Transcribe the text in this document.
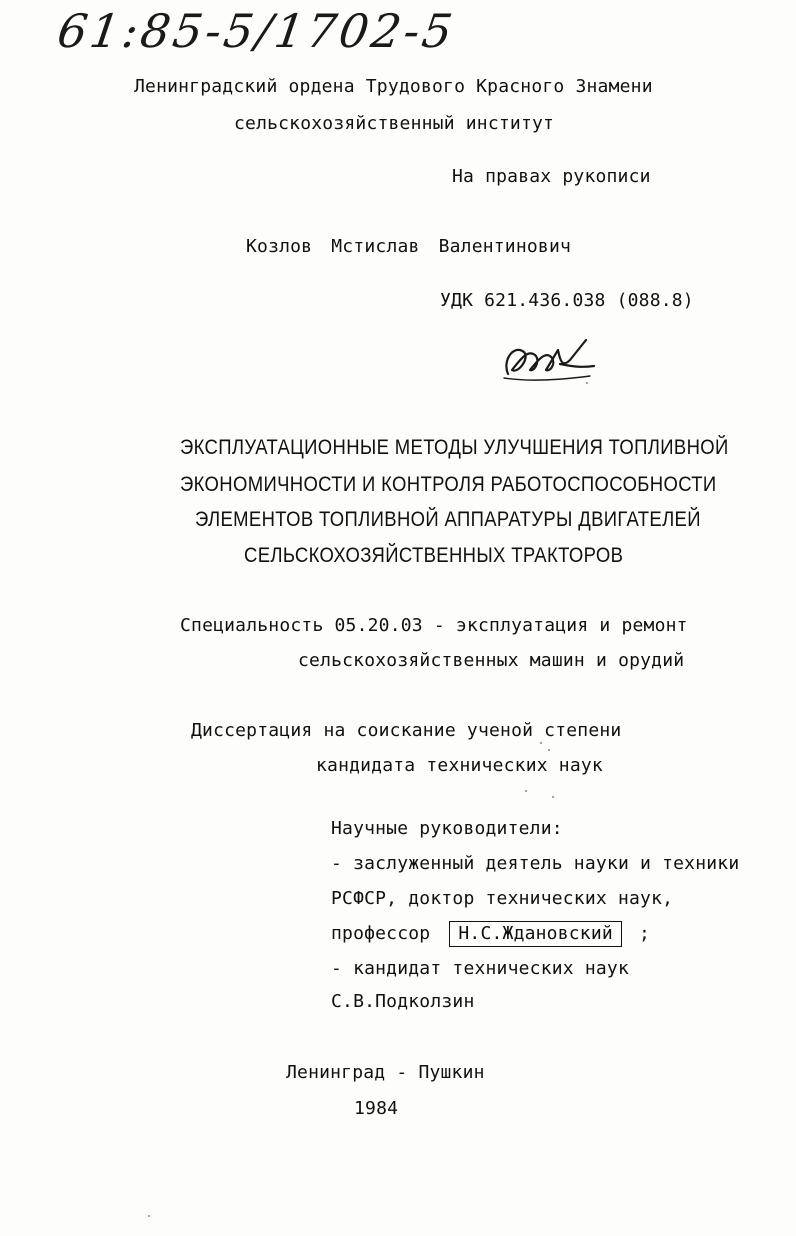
61:85-5/1702-5
Ленинградский ордена Трудового Красного Знамени
сельскохозяйственный институт
На правах рукописи
Козлов Мстислав Валентинович
УДК 621.436.038 (088.8)
ЭКСПЛУАТАЦИОННЫЕ МЕТОДЫ УЛУЧШЕНИЯ ТОПЛИВНОЙ
ЭКОНОМИЧНОСТИ И КОНТРОЛЯ РАБОТОСПОСОБНОСТИ
ЭЛЕМЕНТОВ ТОПЛИВНОЙ АППАРАТУРЫ ДВИГАТЕЛЕЙ
СЕЛЬСКОХОЗЯЙСТВЕННЫХ ТРАКТОРОВ
Специальность 05.20.03 - эксплуатация и ремонт
сельскохозяйственных машин и орудий
Диссертация на соискание ученой степени
кандидата технических наук
Научные руководители:
- заслуженный деятель науки и техники
РСФСР, доктор технических наук,
профессор Н.С.Ждановский ;
- кандидат технических наук
С.В.Подколзин
Ленинград - Пушкин
1984
